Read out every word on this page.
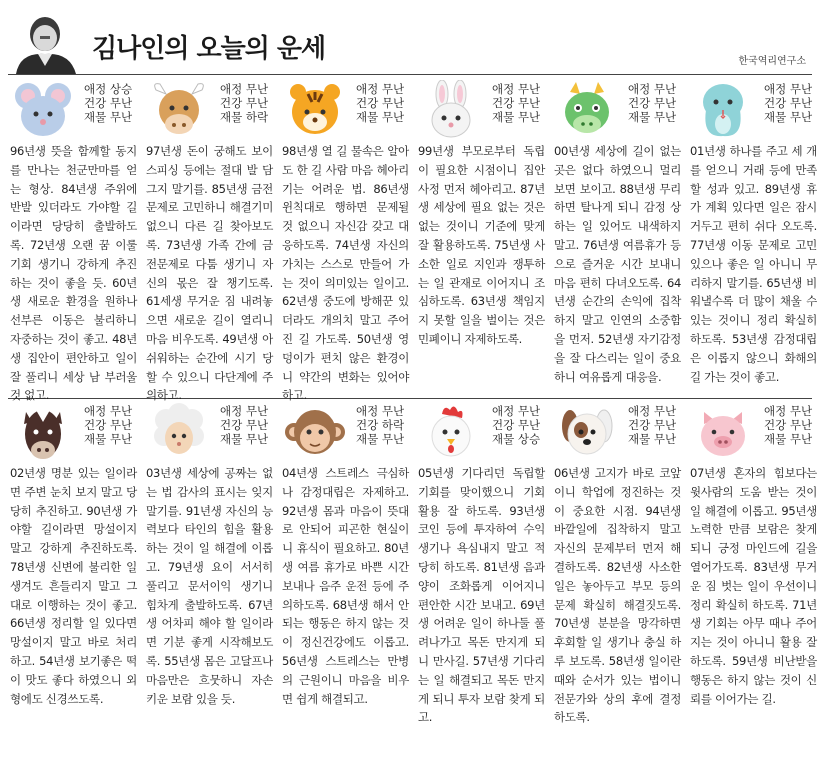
김나인의 오늘의 운세	한국역리연구소
애정 상승
건강 무난
재물 무난
96년생 뜻을 함께할 동지를 만나는 천군만마를 얻는 형상. 84년생 주위에 반발 있더라도 가야할 길이라면 당당히 출발하도록. 72년생 오랜 꿈 이룰 기회 생기니 강하게 추진하는 것이 좋을 듯. 60년생 새로운 환경을 원하나 선부른 이동은 불리하니 자중하는 것이 좋고. 48년생 집안이 편안하고 일이 잘 풀리니 세상 남 부러울것 없고.
애정 무난
건강 무난
재물 하락
97년생 돈이 궁해도 보이스피싱 등에는 절대 발 담그지 말기를. 85년생 금전문제로 고민하니 해결기미없으니 다른 길 찾아보도록. 73년생 가족 간에 금전문제로 다툼 생기니 자신의 몫은 잘 챙기도록. 61세생 무거운 짐 내려놓으면 새로운 길이 열리니 마음 비우도록. 49년생 아쉬워하는 순간에 시기 당할 수 있으니 다단계에 주의하고.
애정 무난
건강 무난
재물 무난
98년생 열 길 물속은 알아도 한 길 사람 마음 헤아리기는 어려운 법. 86년생 윈칙대로 행하면 문제될 것 없으니 자신감 갖고 대응하도록. 74년생 자신의 가치는 스스로 만들어 가는 것이 의미있는 일이고. 62년생 중도에 방해꾼 있더라도 개의치 말고 주어진 길 가도록. 50년생 영덩이가 편치 않은 환경이니 약간의 변화는 있어야 하고.
애정 무난
건강 무난
재물 무난
99년생 부모로부터 독립이 필요한 시점이니 집안 사정 먼저 헤아리고. 87년생 세상에 필요 없는 것은 없는 것이니 기준에 맞게 잘 활용하도록. 75년생 사소한 일로 지인과 쟁투하는 일 관재로 이어지니 조심하도록. 63년생 책임지지 못할 일을 벌이는 것은 민폐이니 자제하도록.
애정 무난
건강 무난
재물 무난
00년생 세상에 길이 없는 곳은 없다 하였으니 멀리 보면 보이고. 88년생 무리하면 탈나게 되니 감정 상하는 일 있어도 내색하지 말고. 76년생 여름휴가 등으로 즐거운 시간 보내니 마음 편히 다녀오도록. 64년생 순간의 손익에 집착하지 말고 인연의 소중함을 먼저. 52년생 자기감정을 잘 다스리는 일이 중요하니 여유롭게 대응을.
애정 무난
건강 무난
재물 무난
01년생 하나를 주고 세 개를 얻으니 거래 등에 만족할 성과 있고. 89년생 휴가 계획 있다면 일은 잠시 거두고 편히 쉬다 오도록. 77년생 이동 문제로 고민 있으나 좋은 일 아니니 무리하지 말기를. 65년생 비워낼수록 더 많이 채울 수 있는 것이니 정리 확실히 하도록. 53년생 감정대립은 이롭지 않으니 화해의 길 가는 것이 좋고.
애정 무난
건강 무난
재물 무난
02년생 명분 있는 일이라면 주변 눈치 보지 말고 당당히 추진하고. 90년생 가야할 길이라면 망설이지 말고 강하게 추진하도록. 78년생 신변에 불리한 일 생겨도 흔들리지 말고 그대로 이행하는 것이 좋고. 66년생 정리할 일 있다면 망설이지 말고 바로 처리하고. 54년생 보기좋은 떡이 맛도 좋다 하였으니 외형에도 신경쓰도록.
애정 무난
건강 무난
재물 무난
03년생 세상에 공짜는 없는 법 감사의 표시는 잊지 말기를. 91년생 자신의 능력보다 타인의 힘을 활용하는 것이 일 해결에 이롭고. 79년생 요이 서서히 풀리고 문서이익 생기니 힘차게 출발하도록. 67년생 어차피 해야 할 일이라면 기분 좋게 시작해보도록. 55년생 몸은 고달프나 마음만은 흐뭇하니 자손 키운 보람 있을 듯.
애정 무난
건강 하락
재물 무난
04년생 스트레스 극심하나 감정대립은 자제하고. 92년생 몸과 마음이 뜻대로 안되어 피곤한 현실이니 휴식이 필요하고. 80년생 여름 휴가로 바쁜 시간 보내나 음주 운전 등에 주의하도록. 68년생 해서 안되는 행동은 하지 않는 것이 정신건강에도 이롭고. 56년생 스트레스는 만병의 근원이니 마음을 비우면 쉽게 해결되고.
애정 무난
건강 무난
재물 상승
05년생 기다리던 독립할 기회를 맞이했으니 기회 활용 잘 하도록. 93년생 코인 등에 투자하여 수익 생기나 욕심내지 말고 적당히 하도록. 81년생 음과 양이 조화롭게 이어지니 편안한 시간 보내고. 69년생 어려운 일이 하나둘 풀려나가고 목돈 만지게 되니 만사길. 57년생 기다리는 일 해결되고 목돈 만지게 되니 투자 보람 찾게 되고.
애정 무난
건강 무난
재물 무난
06년생 고지가 바로 코앞이니 학업에 정진하는 것이 중요한 시점. 94년생 바깥일에 집착하지 말고 자신의 문제부터 먼저 해결하도록. 82년생 사소한 일은 놓아두고 부모 등의 문제 확실히 해결짓도록. 70년생 분분을 망각하면 후회할 일 생기나 충실 하루 보도록. 58년생 일이란 때와 순서가 있는 법이니 전문가와 상의 후에 결정하도록.
애정 무난
건강 무난
재물 무난
07년생 혼자의 힘보다는 윗사람의 도움 받는 것이 일 해결에 이롭고. 95년생 노력한 만큼 보람은 찾게 되니 긍정 마인드에 길을 열어가도록. 83년생 무거운 짐 벗는 일이 우선이니 정리 확실히 하도록. 71년생 기회는 아무 때나 주어지는 것이 아니니 활용 잘 하도록. 59년생 비난받을 행동은 하지 않는 것이 신뢰를 이어가는 길.
